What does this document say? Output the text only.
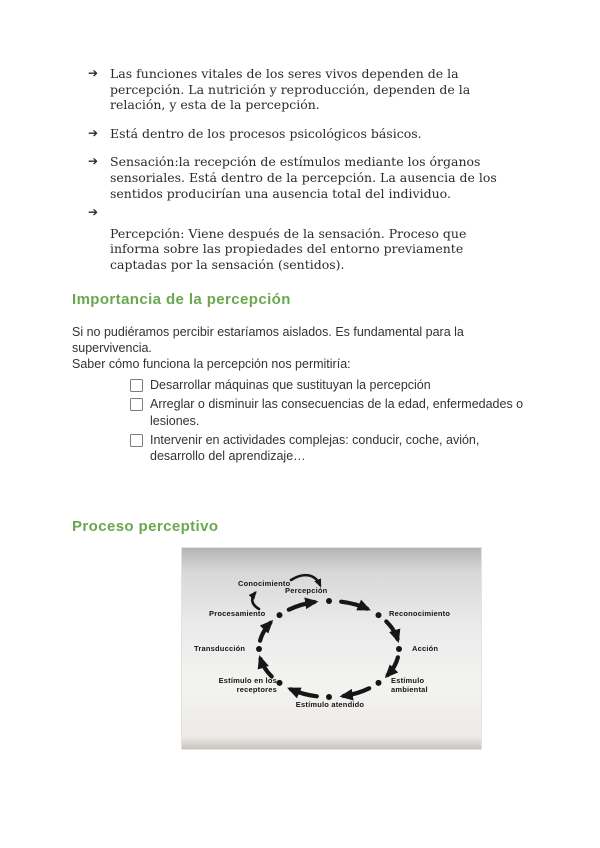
➔ Las funciones vitales de los seres vivos dependen de la percepción. La nutrición y reproducción, dependen de la relación, y esta de la percepción.
➔ Está dentro de los procesos psicológicos básicos.
➔ Sensación:la recepción de estímulos mediante los órganos sensoriales. Está dentro de la percepción. La ausencia de los sentidos producirían una ausencia total del individuo.
➔
Percepción: Viene después de la sensación. Proceso que informa sobre las propiedades del entorno previamente captadas por la sensación (sentidos).
Importancia de la percepción

Si no pudiéramos percibir estaríamos aislados. Es fundamental para la supervivencia.

Saber cómo funciona la percepción nos permitiría:

Desarrollar máquinas que sustituyan la percepción
Arreglar o disminuir las consecuencias de la edad, enfermedades o lesiones.
Intervenir en actividades complejas: conducir, coche, avión, desarrollo del aprendizaje…
Proceso perceptivo
Percepción
Reconocimiento
Acción
Estímulo ambiental
Estímulo atendido
Estímulo en los receptores
Transducción
Procesamiento
Conocimiento
